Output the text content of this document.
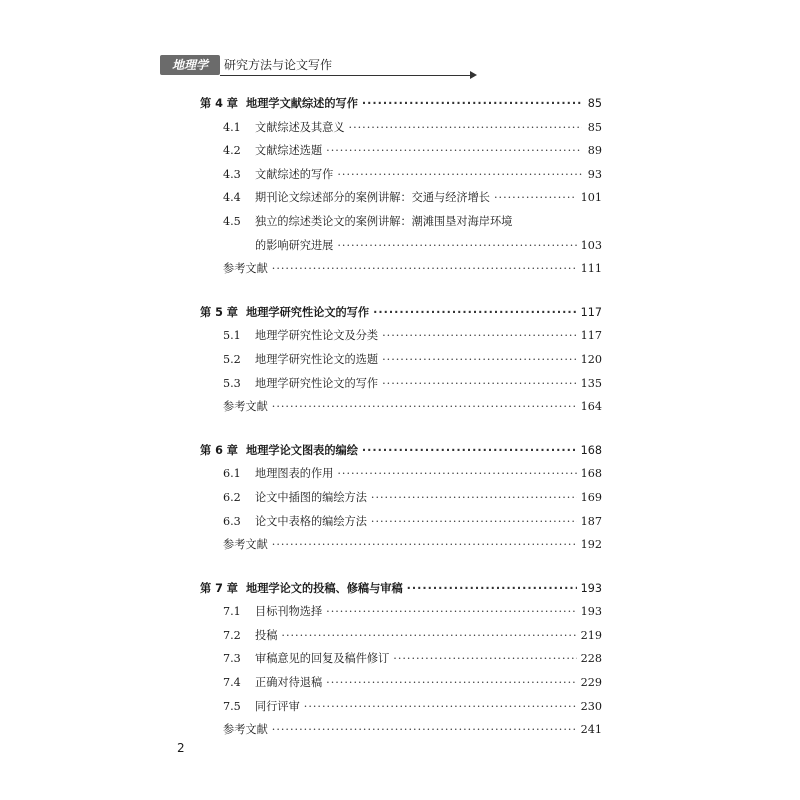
地理学	研究方法与论文写作
第 4 章 地理学文献综述的写作 ·····	85
4.1	文献综述及其意义 ·····	85
4.2	文献综述选题 ·····	89
4.3	文献综述的写作 ·····	93
4.4	期刊论文综述部分的案例讲解：交通与经济增长 ·····	101
4.5	独立的综述类论文的案例讲解：潮滩围垦对海岸环境
的影响研究进展 ·····	103
参考文献 ·····	111
第 5 章 地理学研究性论文的写作 ·····	117
5.1	地理学研究性论文及分类 ·····	117
5.2	地理学研究性论文的选题 ·····	120
5.3	地理学研究性论文的写作 ·····	135
参考文献 ·····	164
第 6 章 地理学论文图表的编绘 ·····	168
6.1	地理图表的作用 ·····	168
6.2	论文中插图的编绘方法 ·····	169
6.3	论文中表格的编绘方法 ·····	187
参考文献 ·····	192
第 7 章 地理学论文的投稿、修稿与审稿 ·····	193
7.1	目标刊物选择 ·····	193
7.2	投稿 ·····	219
7.3	审稿意见的回复及稿件修订 ·····	228
7.4	正确对待退稿 ·····	229
7.5	同行评审 ·····	230
参考文献 ·····	241
2
